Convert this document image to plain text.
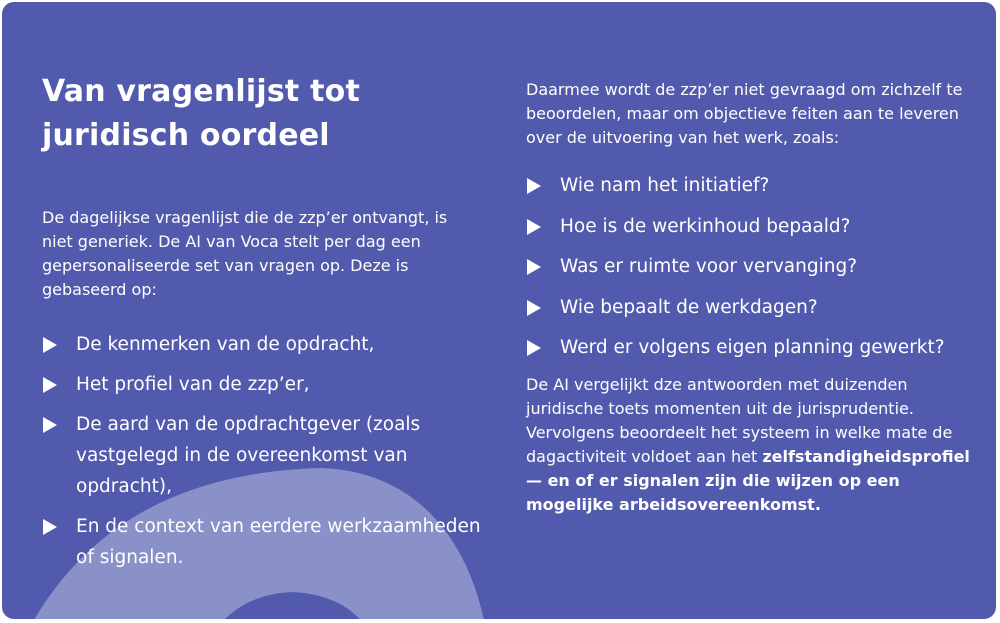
Van vragenlijst tot
juridisch oordeel

De dagelijkse vragenlijst die de zzp’er ontvangt, is niet generiek. De AI van Voca stelt per dag een gepersonaliseerde set van vragen op. Deze is gebaseerd op:

De kenmerken van de opdracht,
Het profiel van de zzp’er,
De aard van de opdrachtgever (zoals vastgelegd in de overeenkomst van opdracht),
En de context van eerdere werkzaamheden of signalen.

Daarmee wordt de zzp’er niet gevraagd om zichzelf te beoordelen, maar om objectieve feiten aan te leveren over de uitvoering van het werk, zoals:

Wie nam het initiatief?
Hoe is de werkinhoud bepaald?
Was er ruimte voor vervanging?
Wie bepaalt de werkdagen?
Werd er volgens eigen planning gewerkt?

De AI vergelijkt dze antwoorden met duizenden juridische toets momenten uit de jurisprudentie. Vervolgens beoordeelt het systeem in welke mate de dagactiviteit voldoet aan het zelfstandigheidsprofiel — en of er signalen zijn die wijzen op een mogelijke arbeidsovereenkomst.
